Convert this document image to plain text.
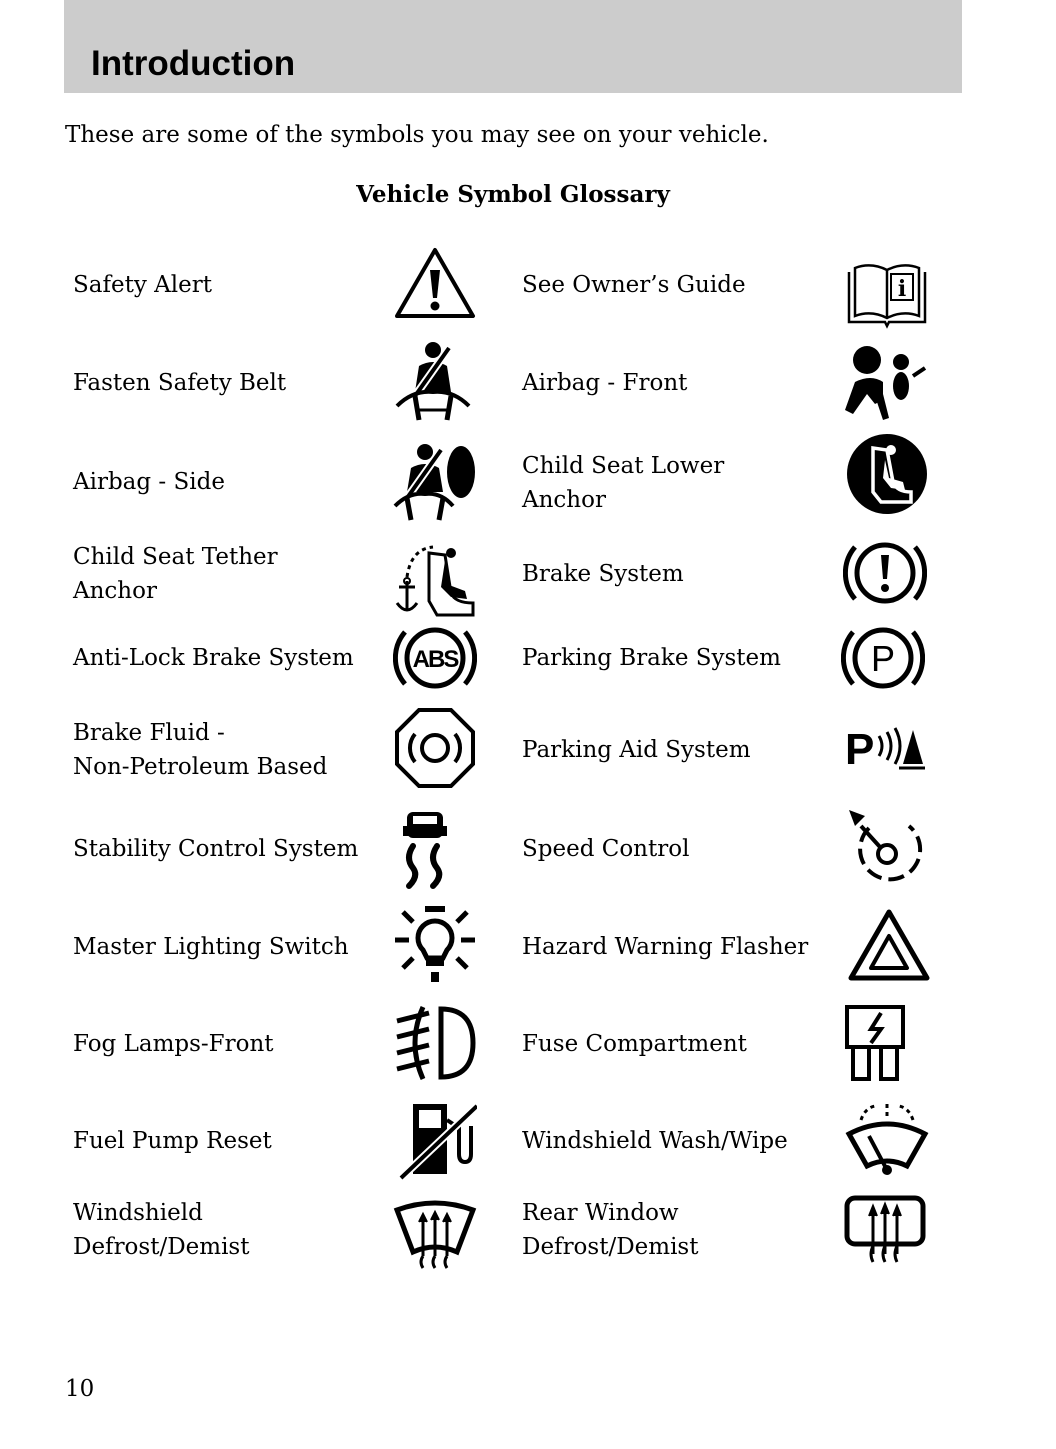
Introduction
These are some of the symbols you may see on your vehicle.
Vehicle Symbol Glossary
Safety Alert
Fasten Safety Belt
Airbag - Side
Child Seat Tether
Anchor
Anti-Lock Brake System
Brake Fluid -
Non-Petroleum Based
Stability Control System
Master Lighting Switch
Fog Lamps-Front
Fuel Pump Reset
Windshield
Defrost/Demist
See Owner’s Guide
Airbag - Front
Child Seat Lower
Anchor
Brake System
Parking Brake System
Parking Aid System
Speed Control
Hazard Warning Flasher
Fuse Compartment
Windshield Wash/Wipe
Rear Window
Defrost/Demist
ABS
i
P
P
10
